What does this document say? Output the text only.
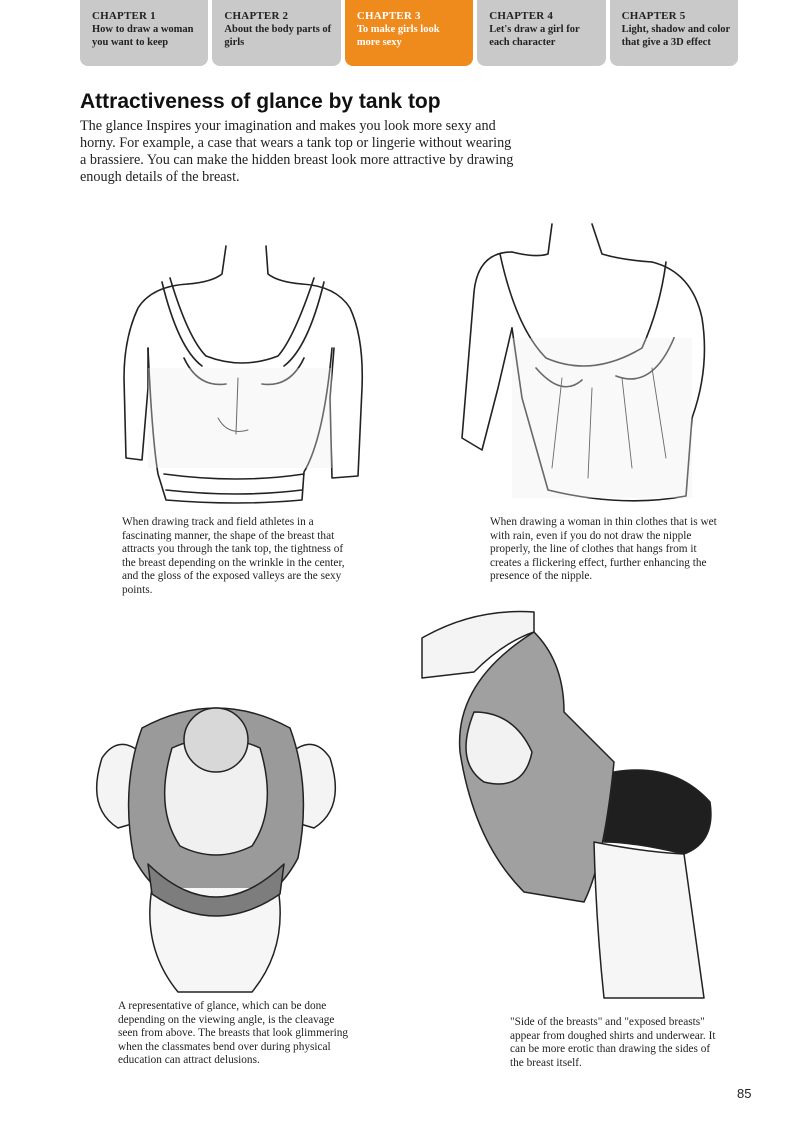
CHAPTER 1
How to draw a woman you want to keep
CHAPTER 2
About the body parts of girls
CHAPTER 3
To make girls look more sexy
CHAPTER 4
Let's draw a girl for each character
CHAPTER 5
Light, shadow and color that give a 3D effect
Attractiveness of glance by tank top

The glance Inspires your imagination and makes you look more sexy and horny. For example, a case that wears a tank top or lingerie without wearing a brassiere. You can make the hidden breast look more attractive by drawing enough details of the breast.

When drawing track and field athletes in a fascinating manner, the shape of the breast that attracts you through the tank top, the tightness of the breast depending on the wrinkle in the center, and the gloss of the exposed valleys are the sexy points.

When drawing a woman in thin clothes that is wet with rain, even if you do not draw the nipple properly, the line of clothes that hangs from it creates a flickering effect, further enhancing the presence of the nipple.

A representative of glance, which can be done depending on the viewing angle, is the cleavage seen from above. The breasts that look glimmering when the classmates bend over during physical education can attract delusions.

"Side of the breasts" and "exposed breasts" appear from doughed shirts and underwear. It can be more erotic than drawing the sides of the breast itself.

85
